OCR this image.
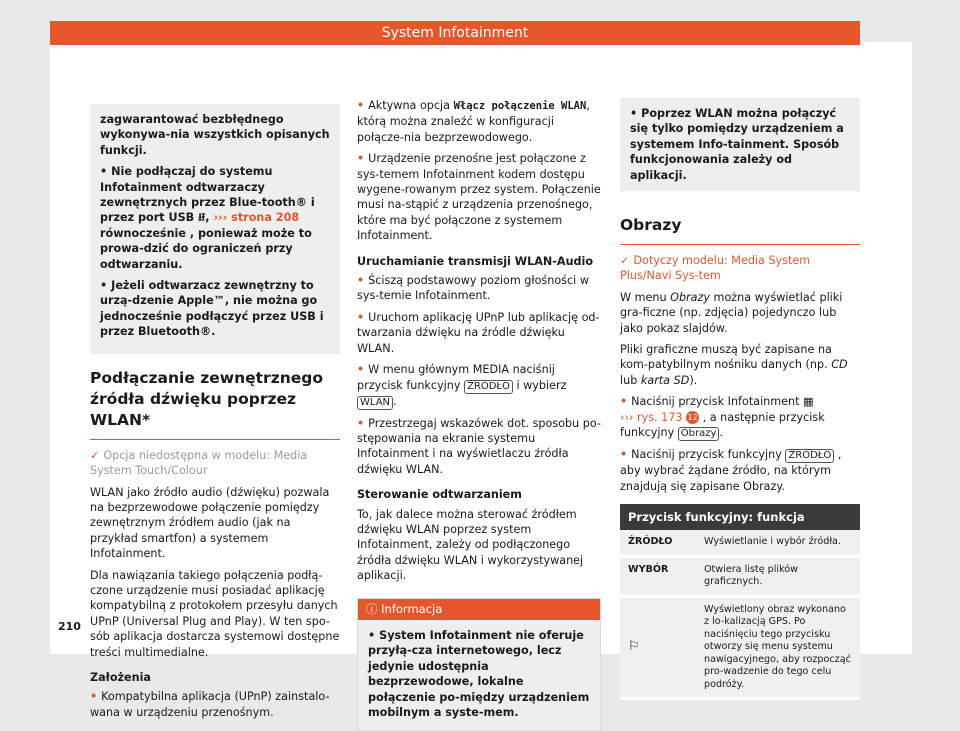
System Infotainment

zagwarantować bezbłędnego wykonywa-nia wszystkich opisanych funkcji.

• Nie podłączaj do systemu Infotainment odtwarzaczy zewnętrznych przez Blue-tooth® i przez port USB ⭿, ››› strona 208 równocześnie , ponieważ może to prowa-dzić do ograniczeń przy odtwarzaniu.

• Jeżeli odtwarzacz zewnętrzny to urzą-dzenie Apple™, nie można go jednocześnie podłączyć przez USB i przez Bluetooth®.

Podłączanie zewnętrznego źródła dźwięku poprzez WLAN*

✓ Opcja niedostępna w modelu: Media System Touch/Colour

WLAN jako źródło audio (dźwięku) pozwala na bezprzewodowe połączenie pomiędzy zewnętrznym źródłem audio (jak na przykład smartfon) a systemem Infotainment.

Dla nawiązania takiego połączenia podłą-czone urządzenie musi posiadać aplikację kompatybilną z protokołem przesyłu danych UPnP (Universal Plug and Play). W ten spo-sób aplikacja dostarcza systemowi dostępne treści multimedialne.

Założenia

• Kompatybilna aplikacja (UPnP) zainstalo-wana w urządzeniu przenośnym.

• Aktywna opcja Włącz połączenie WLAN, którą można znaleźć w konfiguracji połącze-nia bezprzewodowego.

• Urządzenie przenośne jest połączone z sys-temem Infotainment kodem dostępu wygene-rowanym przez system. Połączenie musi na-stąpić z urządzenia przenośnego, które ma być połączone z systemem Infotainment.

Uruchamianie transmisji WLAN-Audio

• Ściszą podstawowy poziom głośności w sys-temie Infotainment.

• Uruchom aplikację UPnP lub aplikację od-twarzania dźwięku na źródle dźwięku WLAN.

• W menu głównym MEDIA naciśnij przycisk funkcyjny ŹRÓDŁO i wybierz WLAN .

• Przestrzegaj wskazówek dot. sposobu po-stępowania na ekranie systemu Infotainment i na wyświetlaczu źródła dźwięku WLAN.

Sterowanie odtwarzaniem

To, jak dalece można sterować źródłem dźwięku WLAN poprzez system Infotainment, zależy od podłączonego źródła dźwięku WLAN i wykorzystywanej aplikacji.

ⓘ Informacja

• System Infotainment nie oferuje przyłą-cza internetowego, lecz jedynie udostępnia bezprzewodowe, lokalne połączenie po-między urządzeniem mobilnym a syste-mem.

• Poprzez WLAN można połączyć się tylko pomiędzy urządzeniem a systemem Info-tainment. Sposób funkcjonowania zależy od aplikacji.

Obrazy

✓ Dotyczy modelu: Media System Plus/Navi Sys-tem

W menu Obrazy można wyświetlać pliki gra-ficzne (np. zdjęcia) pojedynczo lub jako pokaz slajdów.

Pliki graficzne muszą być zapisane na kom-patybilnym nośniku danych (np. CD lub karta SD).

• Naciśnij przycisk Infotainment ▦
››› rys. 173 12 , a następnie przycisk funkcyjny Obrazy .

• Naciśnij przycisk funkcyjny ŹRÓDŁO , aby wybrać żądane źródło, na którym znajdują się zapisane Obrazy.

Przycisk funkcyjny: funkcja	
ŹRÓDŁO	Wyświetlanie i wybór źródła.
WYBÓR	Otwiera listę plików graficznych.
⚐	Wyświetlony obraz wykonano z lo-kalizacją GPS. Po naciśnięciu tego przycisku otworzy się menu systemu nawigacyjnego, aby rozpocząć pro-wadzenie do tego celu podróży.
210
